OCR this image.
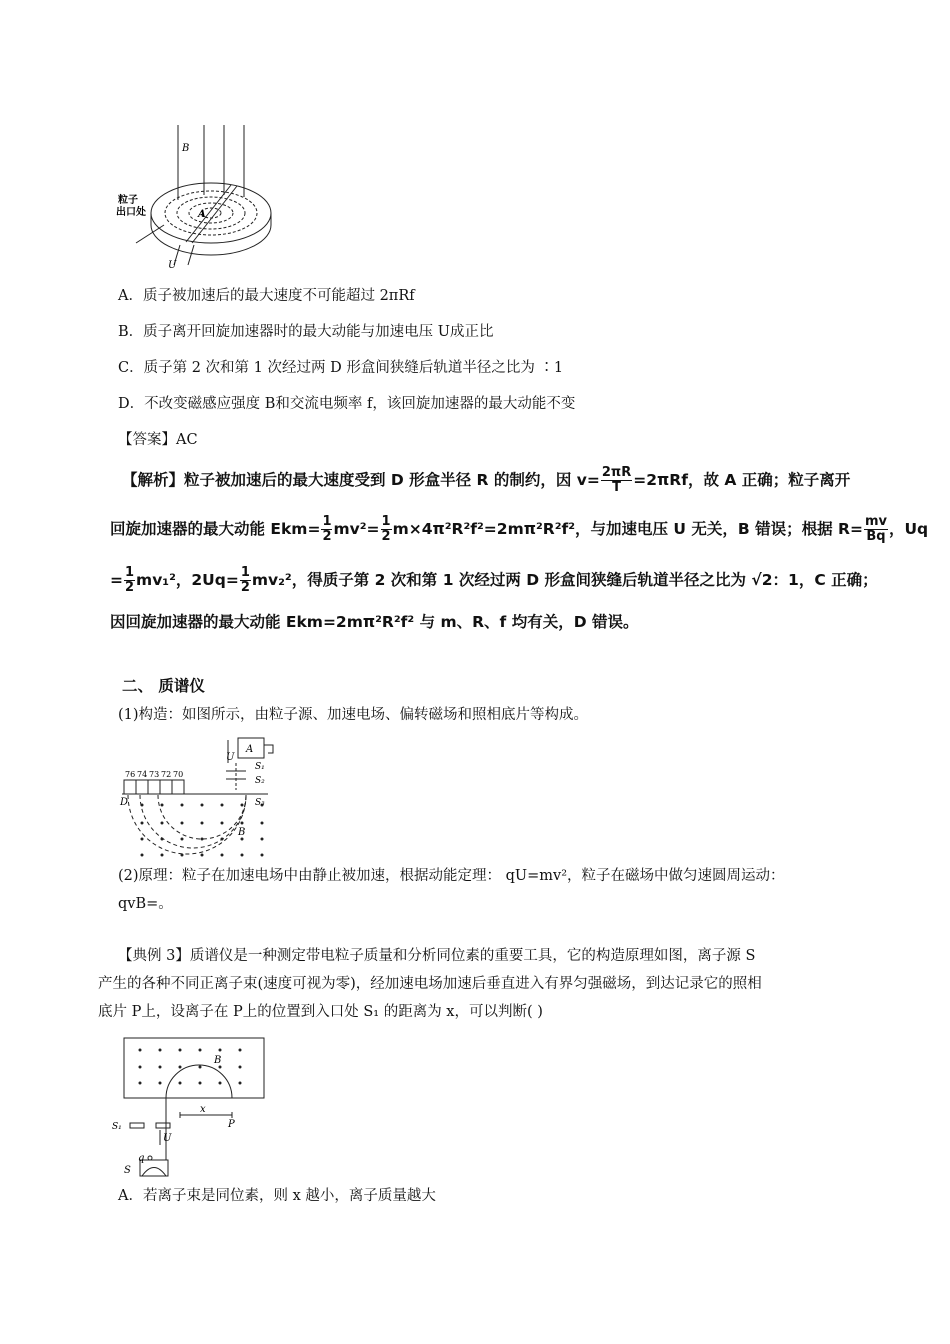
B
A
粒子
出口处
U
A．质子被加速后的最大速度不可能超过 2πRf
B．质子离开回旋加速器时的最大动能与加速电压 U成正比
C．质子第 2 次和第 1 次经过两 D 形盒间狭缝后轨道半径之比为 ∶1
D．不改变磁感应强度 B和交流电频率 f，该回旋加速器的最大动能不变
【答案】AC
【解析】粒子被加速后的最大速度受到 D 形盒半径 R 的制约，因 $v= \frac{2\pi R}{T} =2\pi Rf$，故 A 正确；粒子离开
回旋加速器的最大动能 $Ekm= \frac{1}{2} mv^2= \frac{1}{2} m\times 4\pi^2R^2f^2=2m\pi^2R^2f^2$，与加速电压 U 无关，B 错误；根据 $R= \frac{mv}{Bq}$ ，Uq
= $\frac{1}{2} mv_1^2$，$2Uq= \frac{1}{2} mv_2^2$，得质子第 2 次和第 1 次经过两 D 形盒间狭缝后轨道半径之比为 √2：1，C 正确；
因回旋加速器的最大动能 Ekm=2mπ²R²f² 与 m、R、f 均有关，D 错误。
二、 质谱仪
(1)构造：如图所示，由粒子源、加速电场、偏转磁场和照相底片等构成。
76 74 73 72 70
A
U
S₁
S₂
S₃
D
B
(2)原理：粒子在加速电场中由静止被加速，根据动能定理： qU=mv²，粒子在磁场中做匀速圆周运动：
qvB=。
【典例 3】质谱仪是一种测定带电粒子质量和分析同位素的重要工具，它的构造原理如图，离子源 S
产生的各种不同正离子束(速度可视为零)，经加速电场加速后垂直进入有界匀强磁场，到达记录它的照相
底片 P上，设离子在 P上的位置到入口处 S₁ 的距离为 x，可以判断( )
B
S₁
x
P
U
q
S
A．若离子束是同位素，则 x 越小，离子质量越大
